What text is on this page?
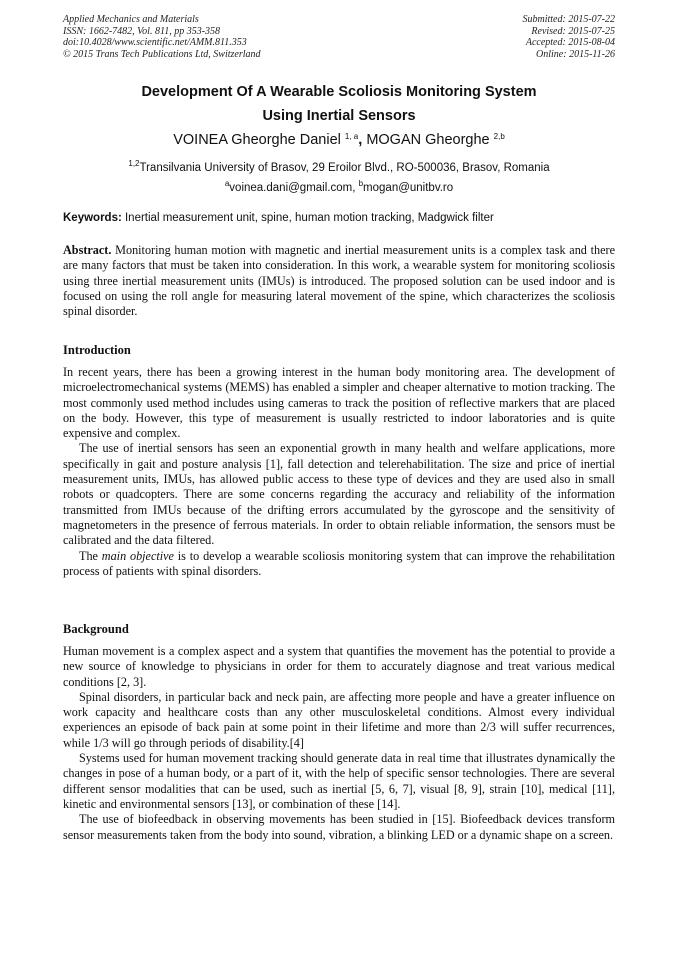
Applied Mechanics and Materials
ISSN: 1662-7482, Vol. 811, pp 353-358
doi:10.4028/www.scientific.net/AMM.811.353
© 2015 Trans Tech Publications Ltd, Switzerland
Submitted: 2015-07-22
Revised: 2015-07-25
Accepted: 2015-08-04
Online: 2015-11-26
Development Of A Wearable Scoliosis Monitoring System
Using Inertial Sensors
VOINEA Gheorghe Daniel $^{1, a}$, MOGAN Gheorghe $^{2,b}$
$^{1,2}$Transilvania University of Brasov, 29 Eroilor Blvd., RO-500036, Brasov, Romania
$^a$voinea.dani@gmail.com, $^b$mogan@unitbv.ro
Keywords: Inertial measurement unit, spine, human motion tracking, Madgwick filter

Abstract. Monitoring human motion with magnetic and inertial measurement units is a complex task and there are many factors that must be taken into consideration. In this work, a wearable system for monitoring scoliosis using three inertial measurement units (IMUs) is introduced. The proposed solution can be used indoor and is focused on using the roll angle for measuring lateral movement of the spine, which characterizes the scoliosis spinal disorder.

Introduction

In recent years, there has been a growing interest in the human body monitoring area. The development of microelectromechanical systems (MEMS) has enabled a simpler and cheaper alternative to motion tracking. The most commonly used method includes using cameras to track the position of reflective markers that are placed on the body. However, this type of measurement is usually restricted to indoor laboratories and is quite expensive and complex.

The use of inertial sensors has seen an exponential growth in many health and welfare applications, more specifically in gait and posture analysis [1], fall detection and telerehabilitation. The size and price of inertial measurement units, IMUs, has allowed public access to these type of devices and they are used also in small robots or quadcopters. There are some concerns regarding the accuracy and reliability of the information transmitted from IMUs because of the drifting errors accumulated by the gyroscope and the sensitivity of magnetometers in the presence of ferrous materials. In order to obtain reliable information, the sensors must be calibrated and the data filtered.

The main objective is to develop a wearable scoliosis monitoring system that can improve the rehabilitation process of patients with spinal disorders.

Background

Human movement is a complex aspect and a system that quantifies the movement has the potential to provide a new source of knowledge to physicians in order for them to accurately diagnose and treat various medical conditions [2, 3].

Spinal disorders, in particular back and neck pain, are affecting more people and have a greater influence on work capacity and healthcare costs than any other musculoskeletal conditions. Almost every individual experiences an episode of back pain at some point in their lifetime and more than 2/3 will suffer recurrences, while 1/3 will go through periods of disability.[4]

Systems used for human movement tracking should generate data in real time that illustrates dynamically the changes in pose of a human body, or a part of it, with the help of specific sensor technologies. There are several different sensor modalities that can be used, such as inertial [5, 6, 7], visual [8, 9], strain [10], medical [11], kinetic and environmental sensors [13], or combination of these [14].

The use of biofeedback in observing movements has been studied in [15]. Biofeedback devices transform sensor measurements taken from the body into sound, vibration, a blinking LED or a dynamic shape on a screen.
